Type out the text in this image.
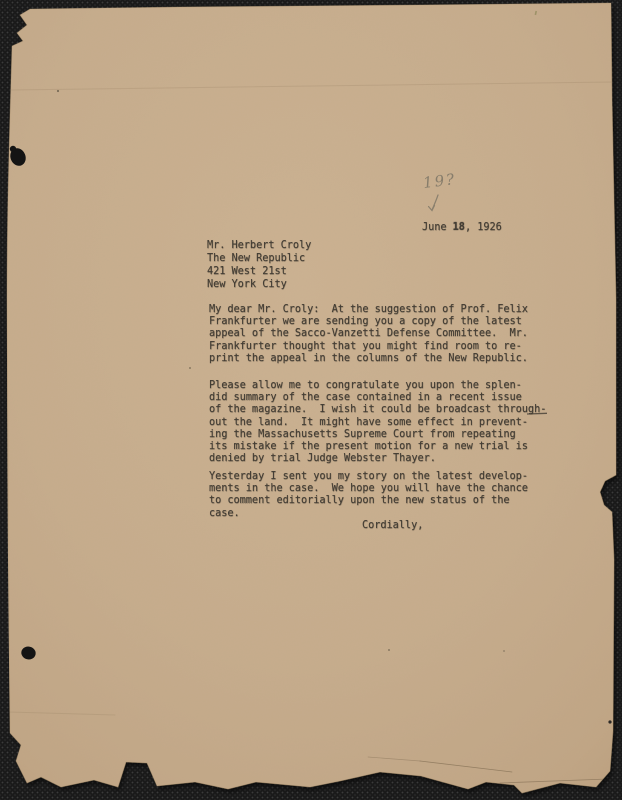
19?
June 18, 1926
Mr. Herbert Croly
The New Republic
421 West 21st
New York City
My dear Mr. Croly:  At the suggestion of Prof. Felix
Frankfurter we are sending you a copy of the latest
appeal of the Sacco-Vanzetti Defense Committee.  Mr.
Frankfurter thought that you might find room to re-
print the appeal in the columns of the New Republic.
Please allow me to congratulate you upon the splen-
did summary of the case contained in a recent issue
of the magazine.  I wish it could be broadcast through-
out the land.  It might have some effect in prevent-
ing the Massachusetts Supreme Court from repeating
its mistake if the present motion for a new trial is
denied by trial Judge Webster Thayer.
Yesterday I sent you my story on the latest develop-
ments in the case.  We hope you will have the chance
to comment editorially upon the new status of the
case.
Cordially,
